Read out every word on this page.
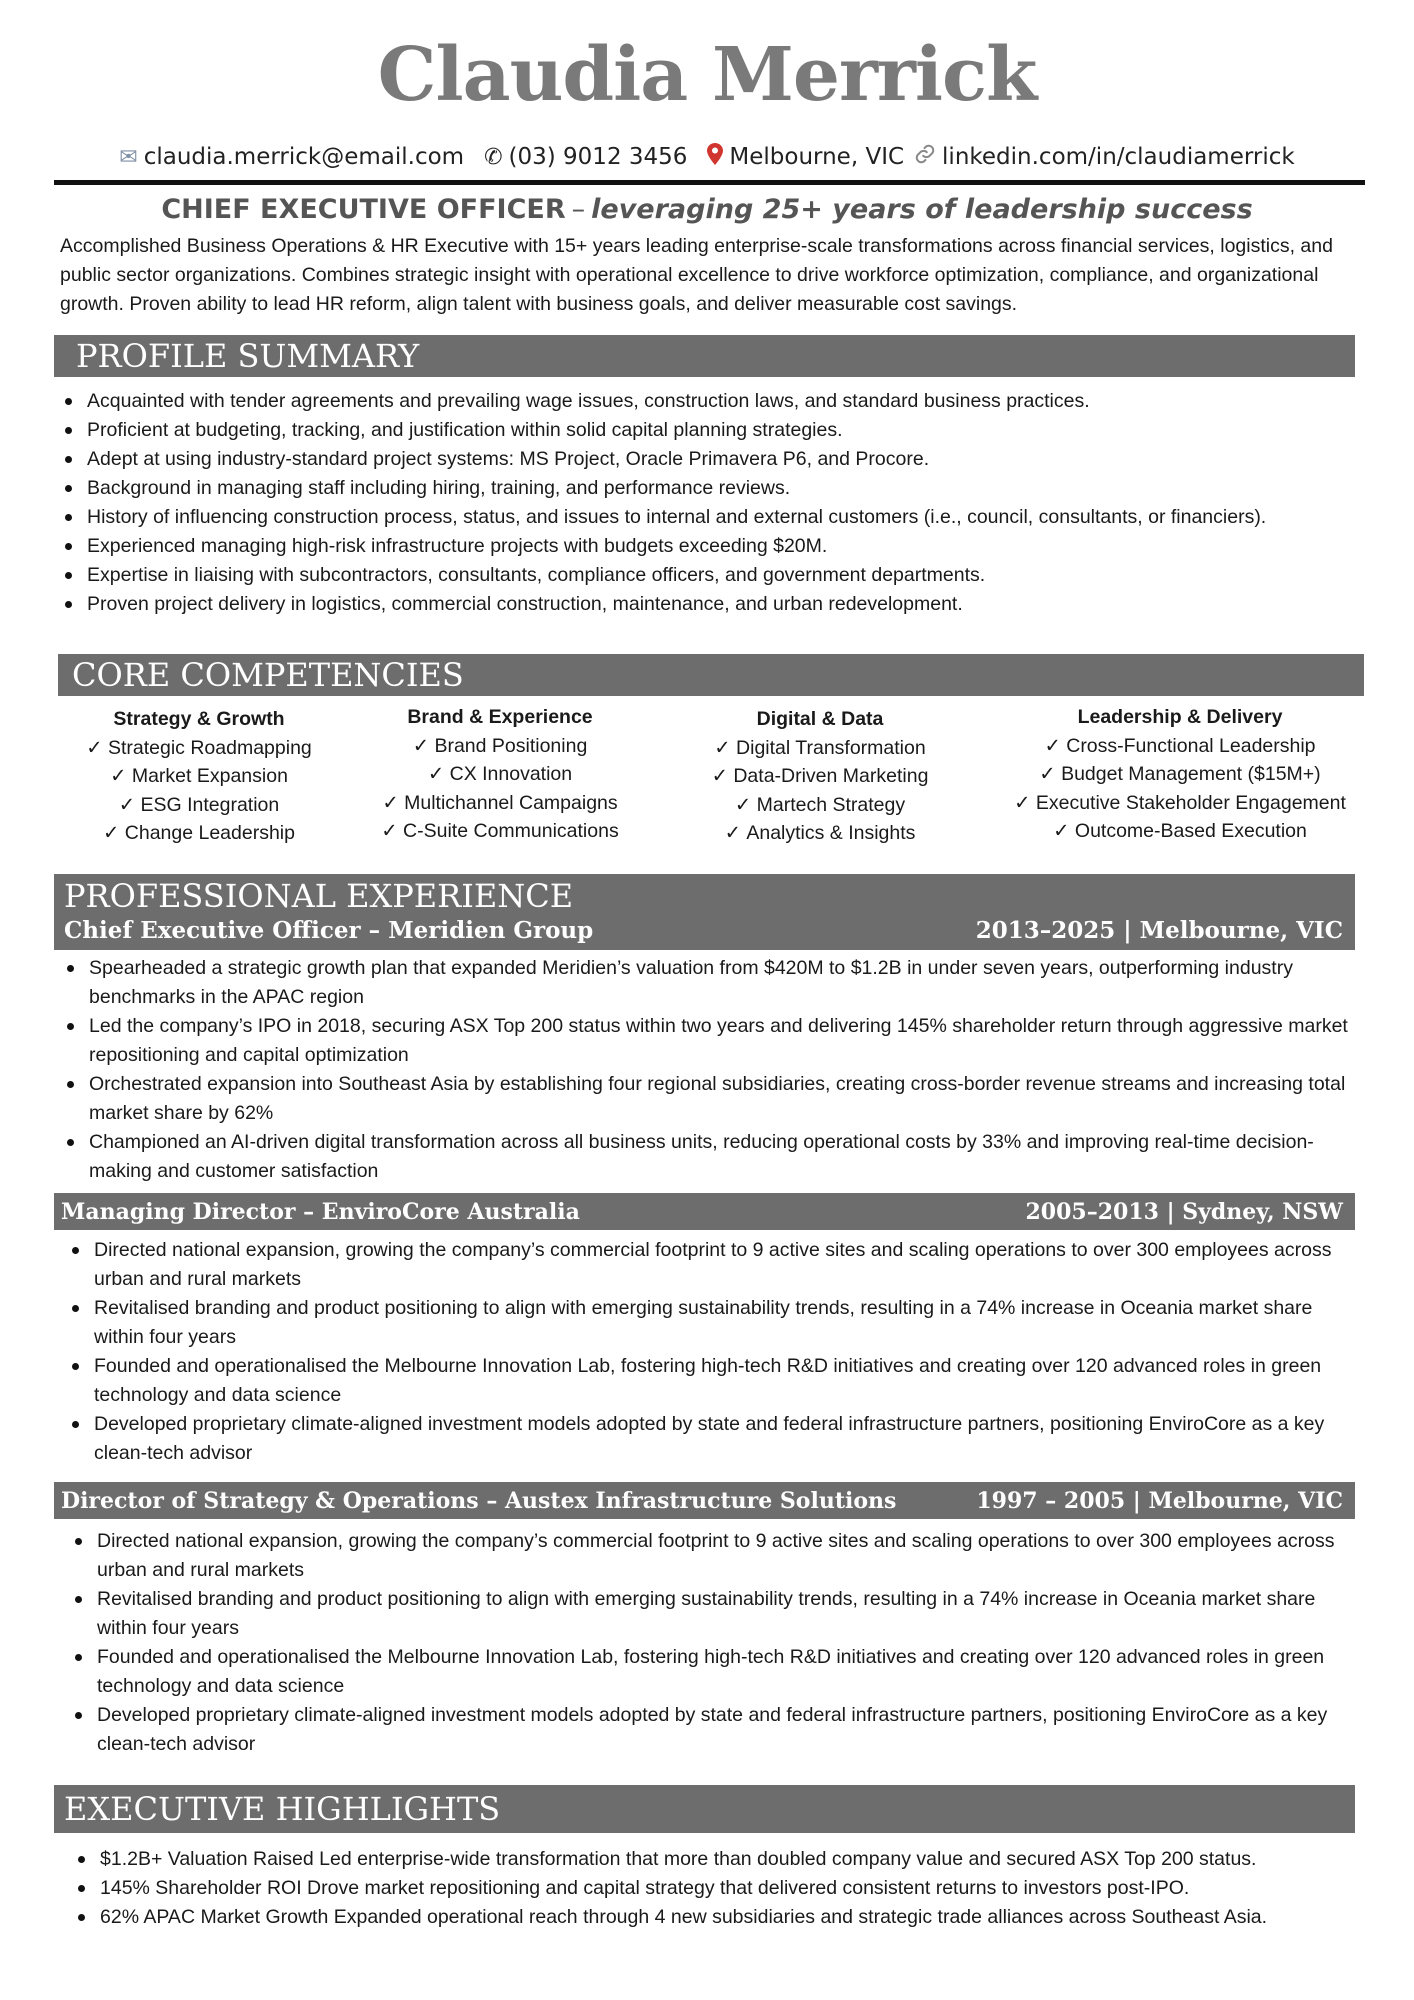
Claudia Merrick
✉ claudia.merrick@email.com ✆ (03) 9012 3456 Melbourne, VIC linkedin.com/in/claudiamerrick
CHIEF EXECUTIVE OFFICER – leveraging 25+ years of leadership success
Accomplished Business Operations & HR Executive with 15+ years leading enterprise-scale transformations across financial services, logistics, and public sector organizations. Combines strategic insight with operational excellence to drive workforce optimization, compliance, and organizational growth. Proven ability to lead HR reform, align talent with business goals, and deliver measurable cost savings.
PROFILE SUMMARY
Acquainted with tender agreements and prevailing wage issues, construction laws, and standard business practices.
Proficient at budgeting, tracking, and justification within solid capital planning strategies.
Adept at using industry-standard project systems: MS Project, Oracle Primavera P6, and Procore.
Background in managing staff including hiring, training, and performance reviews.
History of influencing construction process, status, and issues to internal and external customers (i.e., council, consultants, or financiers).
Experienced managing high-risk infrastructure projects with budgets exceeding $20M.
Expertise in liaising with subcontractors, consultants, compliance officers, and government departments.
Proven project delivery in logistics, commercial construction, maintenance, and urban redevelopment.
CORE COMPETENCIES
Strategy & Growth
✓ Strategic Roadmapping
✓ Market Expansion
✓ ESG Integration
✓ Change Leadership
Brand & Experience
✓ Brand Positioning
✓ CX Innovation
✓ Multichannel Campaigns
✓ C-Suite Communications
Digital & Data
✓ Digital Transformation
✓ Data-Driven Marketing
✓ Martech Strategy
✓ Analytics & Insights
Leadership & Delivery
✓ Cross-Functional Leadership
✓ Budget Management ($15M+)
✓ Executive Stakeholder Engagement
✓ Outcome-Based Execution
PROFESSIONAL EXPERIENCE
Chief Executive Officer – Meridien Group	2013–2025 | Melbourne, VIC
Spearheaded a strategic growth plan that expanded Meridien’s valuation from $420M to $1.2B in under seven years, outperforming industry benchmarks in the APAC region
Led the company’s IPO in 2018, securing ASX Top 200 status within two years and delivering 145% shareholder return through aggressive market repositioning and capital optimization
Orchestrated expansion into Southeast Asia by establishing four regional subsidiaries, creating cross-border revenue streams and increasing total market share by 62%
Championed an AI-driven digital transformation across all business units, reducing operational costs by 33% and improving real-time decision-making and customer satisfaction
Managing Director – EnviroCore Australia	2005–2013 | Sydney, NSW
Directed national expansion, growing the company’s commercial footprint to 9 active sites and scaling operations to over 300 employees across urban and rural markets
Revitalised branding and product positioning to align with emerging sustainability trends, resulting in a 74% increase in Oceania market share within four years
Founded and operationalised the Melbourne Innovation Lab, fostering high-tech R&D initiatives and creating over 120 advanced roles in green technology and data science
Developed proprietary climate-aligned investment models adopted by state and federal infrastructure partners, positioning EnviroCore as a key clean-tech advisor
Director of Strategy & Operations – Austex Infrastructure Solutions	1997 – 2005 | Melbourne, VIC
Directed national expansion, growing the company’s commercial footprint to 9 active sites and scaling operations to over 300 employees across urban and rural markets
Revitalised branding and product positioning to align with emerging sustainability trends, resulting in a 74% increase in Oceania market share within four years
Founded and operationalised the Melbourne Innovation Lab, fostering high-tech R&D initiatives and creating over 120 advanced roles in green technology and data science
Developed proprietary climate-aligned investment models adopted by state and federal infrastructure partners, positioning EnviroCore as a key clean-tech advisor
EXECUTIVE HIGHLIGHTS
$1.2B+ Valuation Raised Led enterprise-wide transformation that more than doubled company value and secured ASX Top 200 status.
145% Shareholder ROI Drove market repositioning and capital strategy that delivered consistent returns to investors post-IPO.
62% APAC Market Growth Expanded operational reach through 4 new subsidiaries and strategic trade alliances across Southeast Asia.
